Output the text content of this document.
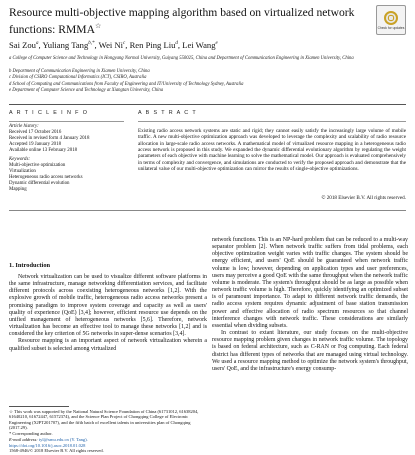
Resource multi-objective mapping algorithm based on virtualized network functions: RMMA☆	Check for updates
Sai Zou$^a$, Yuliang Tang$^{b,*}$, Wei Ni$^c$, Ren Ping Liu$^d$, Lei Wang$^e$
a College of Computer Science and Technology in Hongyang Normal University, Guiyang 550025, China and Department of Communication Engineering in Xiamen University, China
b Department of Communication Engineering in Xiamen University, China
c Division of CSIRO Computational Informatics (ICT), CSIRO, Australia
d School of Computing and Communications from Faculty of Engineering and IT/University of Technology Sydney, Australia
e Department of Computer Science and Technology at Xiangtan University, China
A R T I C L E I N F O	A B S T R A C T
Article history:
Received 17 October 2016
Received in revised form 4 January 2018
Accepted 19 January 2018
Available online 13 February 2018
Keywords:
Multi-objective optimization
Virtualization
Heterogeneous radio access networks
Dynamic differential evolution
Mapping
Existing radio access network systems are static and rigid; they cannot easily satisfy the increasingly large volume of mobile traffic. A new multi-objective optimization approach was developed to leverage the complexity and scalability of radio resource allocation in large-scale radio access networks. A mathematical model of virtualized resource mapping in a heterogeneous radio access network is proposed in this study. We expanded the dynamic differential evolutionary algorithm by regulating the weight parameters of each objective with machine learning to solve the mathematical model. Our approach is evaluated comprehensively in terms of complexity and convergence, and simulations are conducted to verify the proposed approach and demonstrate that the unilateral value of our multi-objective optimization can mirror the results of single-objective optimizations.
© 2018 Elsevier B.V. All rights reserved.
1. Introduction

Network virtualization can be used to visualize different software platforms in the same infrastructure, manage networking differentiation services, and facilitate different protocols across coexisting heterogeneous networks [1,2]. With the explosive growth of mobile traffic, heterogeneous radio access networks present a promising paradigm to improve system coverage and capacity as well as users' quality of experience (QoE) [3,4]; however, efficient resource use depends on the unified management of heterogeneous networks [5,6]. Therefore, network virtualization has become an effective tool to manage these networks [1,2] and is considered the key criterion of 5G networks in super-dense scenarios [3,4].

Resource mapping is an important aspect of network virtualization wherein a qualified subset is selected among virtualized

network functions. This is an NP-hard problem that can be reduced to a multi-way separator problem [2]. When network traffic suffers from tidal problems, each objective optimization weight varies with traffic changes. The system should be energy efficient, and users' QoE should be guaranteed when network traffic volume is low; however, depending on application types and user preferences, users may perceive a good QoE with the same throughput when the network traffic volume is moderate. The system's throughput should be as large as possible when network traffic volume is high. Therefore, quickly identifying an optimized subset is of paramount importance. To adapt to different network traffic demands, the radio access system requires dynamic adjustment of base station transmission power and effective allocation of radio spectrum resources so that channel interference changes with network traffic. These considerations are similarly essential when dividing subsets.

In contrast to extant literature, our study focuses on the multi-objective resource mapping problem given changes in network traffic volume. The topology is based on federal architecture, such as C-RAN or Fog computing. Each federal district has different types of networks that are managed using virtual technology. We used a resource mapping method to optimize the network system's throughput, users' QoE, and the infrastructure's energy consump-

☆ This work was supported by the National Natural Science Foundation of China (61731012, 61638204, 61640210, 61672447, 61572374), and the Science Plan Project of Chongqing College of Electronic Engineering (XJPT201707), and the fifth batch of excellent talents in universities plan of Chongqing (2017.29).
* Corresponding author.
E-mail address: tyl@xmu.edu.cn (Y. Tang).
https://doi.org/10.1016/j.asoc.2018.01.028
1568-4946/© 2018 Elsevier B.V. All rights reserved.
